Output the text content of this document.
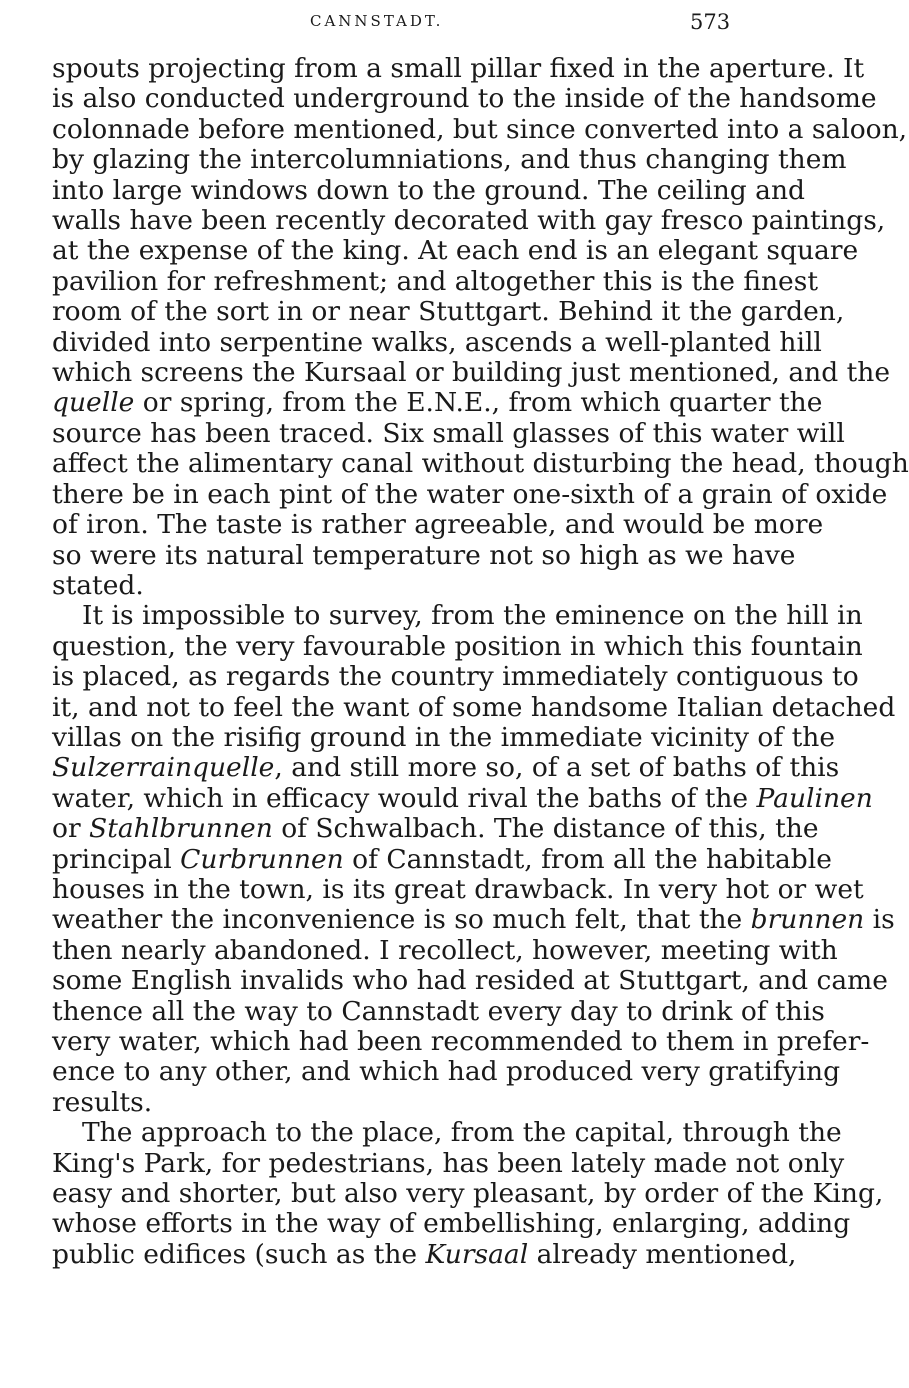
CANNSTADT.	573
spouts projecting from a small pillar fixed in the aperture. It
is also conducted underground to the inside of the handsome
colonnade before mentioned, but since converted into a saloon,
by glazing the intercolumniations, and thus changing them
into large windows down to the ground. The ceiling and
walls have been recently decorated with gay fresco paintings,
at the expense of the king. At each end is an elegant square
pavilion for refreshment; and altogether this is the finest
room of the sort in or near Stuttgart. Behind it the garden,
divided into serpentine walks, ascends a well-planted hill
which screens the Kursaal or building just mentioned, and the
quelle or spring, from the E.N.E., from which quarter the
source has been traced. Six small glasses of this water will
affect the alimentary canal without disturbing the head, though
there be in each pint of the water one-sixth of a grain of oxide
of iron. The taste is rather agreeable, and would be more
so were its natural temperature not so high as we have
stated.
It is impossible to survey, from the eminence on the hill in
question, the very favourable position in which this fountain
is placed, as regards the country immediately contiguous to
it, and not to feel the want of some handsome Italian detached
villas on the risifig ground in the immediate vicinity of the
Sulzerrainquelle, and still more so, of a set of baths of this
water, which in efficacy would rival the baths of the Paulinen
or Stahlbrunnen of Schwalbach. The distance of this, the
principal Curbrunnen of Cannstadt, from all the habitable
houses in the town, is its great drawback. In very hot or wet
weather the inconvenience is so much felt, that the brunnen is
then nearly abandoned. I recollect, however, meeting with
some English invalids who had resided at Stuttgart, and came
thence all the way to Cannstadt every day to drink of this
very water, which had been recommended to them in prefer-
ence to any other, and which had produced very gratifying
results.
The approach to the place, from the capital, through the
King's Park, for pedestrians, has been lately made not only
easy and shorter, but also very pleasant, by order of the King,
whose efforts in the way of embellishing, enlarging, adding
public edifices (such as the Kursaal already mentioned,
